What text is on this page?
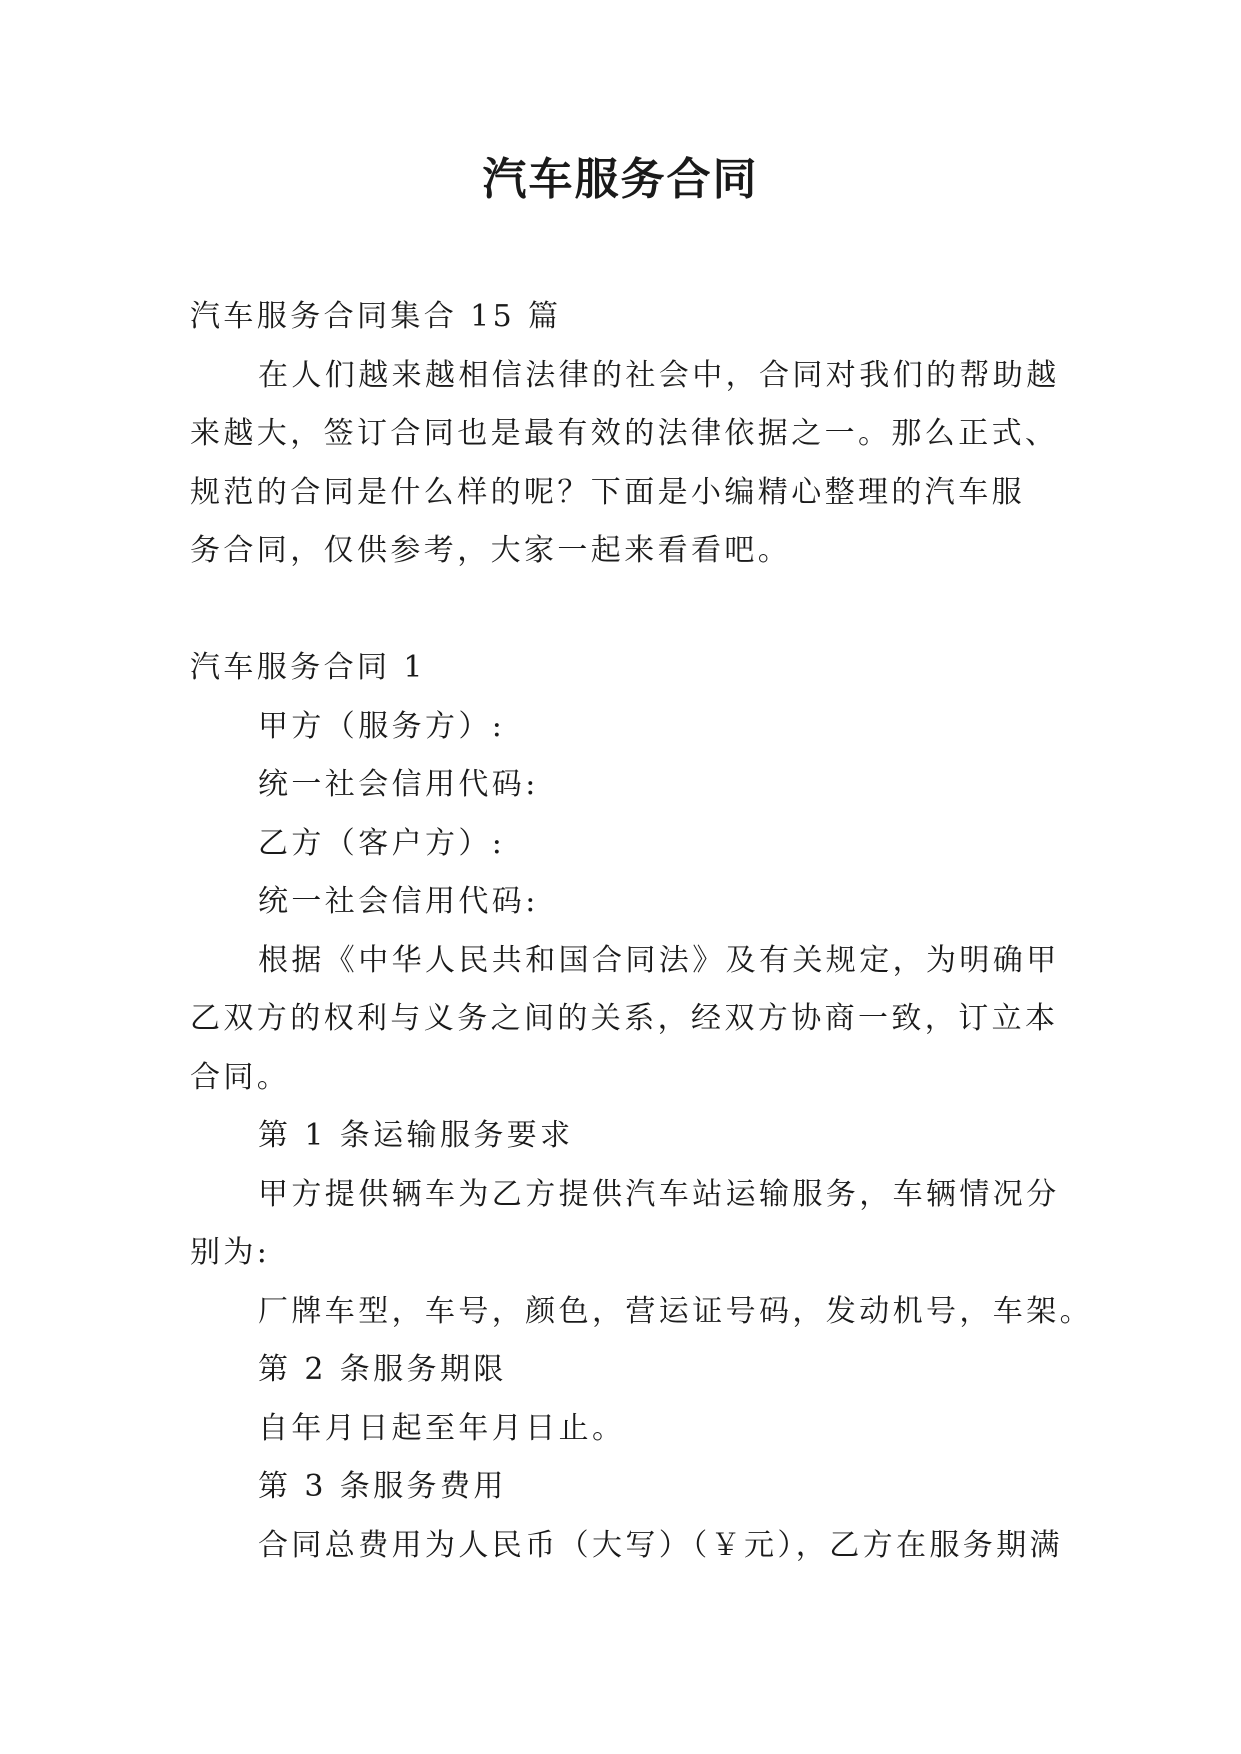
汽车服务合同

汽车服务合同集合 15 篇

在人们越来越相信法律的社会中，合同对我们的帮助越

来越大，签订合同也是最有效的法律依据之一。那么正式、

规范的合同是什么样的呢？下面是小编精心整理的汽车服

务合同，仅供参考，大家一起来看看吧。

汽车服务合同 1

甲方（服务方）:

统一社会信用代码:

乙方（客户方）:

统一社会信用代码:

根据《中华人民共和国合同法》及有关规定，为明确甲

乙双方的权利与义务之间的关系，经双方协商一致，订立本

合同。

第 1 条运输服务要求

甲方提供辆车为乙方提供汽车站运输服务，车辆情况分

别为:

厂牌车型，车号，颜色，营运证号码，发动机号，车架。

第 2 条服务期限

自年月日起至年月日止。

第 3 条服务费用

合同总费用为人民币（大写）（￥元），乙方在服务期满
